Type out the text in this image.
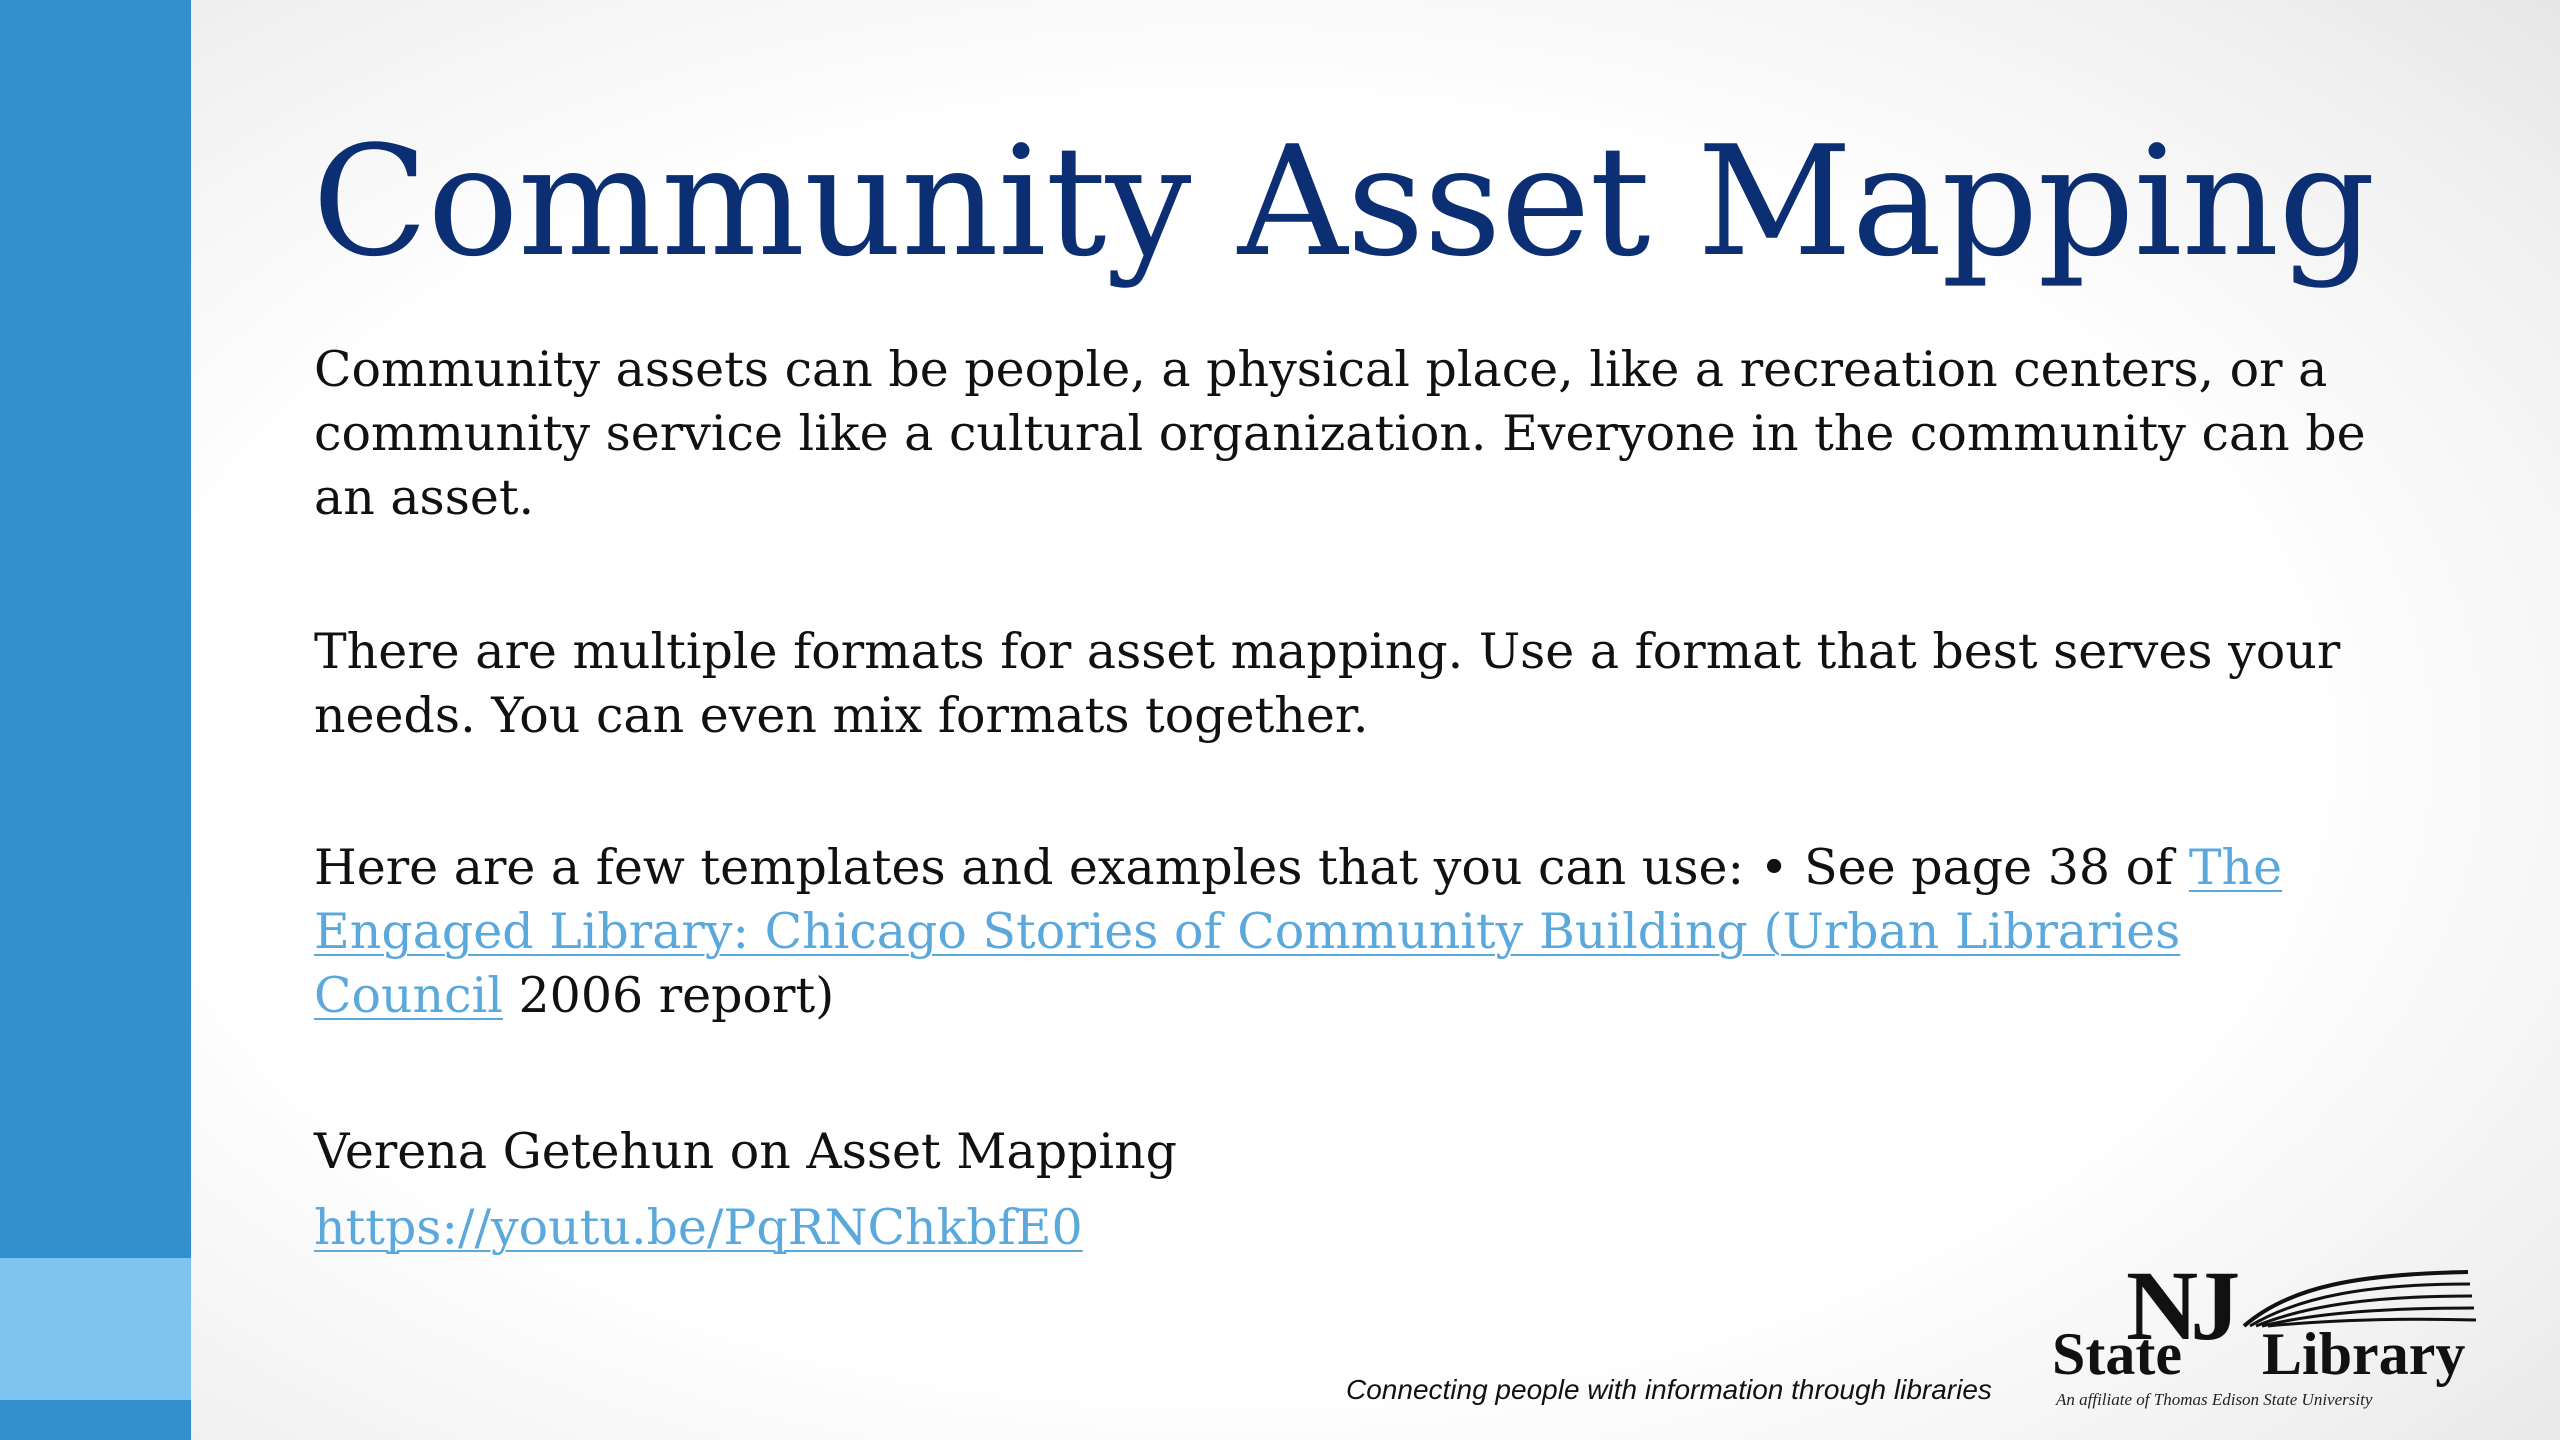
Community Asset Mapping

Community assets can be people, a physical place, like a recreation centers, or a community service like a cultural organization. Everyone in the community can be an asset.

There are multiple formats for asset mapping. Use a format that best serves your needs. You can even mix formats together.

Here are a few templates and examples that you can use: • See page 38 of The Engaged Library: Chicago Stories of Community Building (Urban Libraries Council 2006 report)

Verena Getehun on Asset Mapping

https://youtu.be/PqRNChkbfE0
Connecting people with information through libraries
NJ
State Library
An affiliate of Thomas Edison State University
